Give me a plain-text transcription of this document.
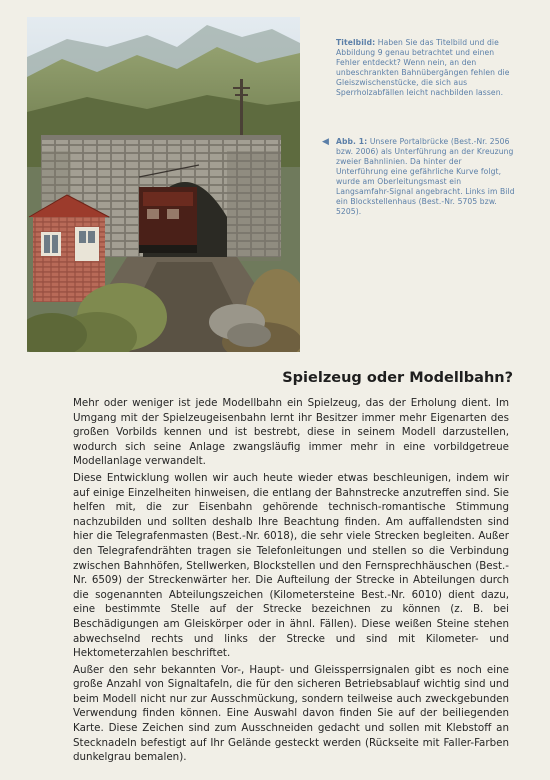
Titelbild: Haben Sie das Titelbild und die Abbildung 9 genau betrachtet und einen Fehler entdeckt? Wenn nein, an den unbeschrankten Bahnübergängen fehlen die Gleiszwischenstücke, die sich aus Sperrholzabfällen leicht nachbilden lassen.
◀ Abb. 1: Unsere Portalbrücke (Best.-Nr. 2506 bzw. 2006) als Unterführung an der Kreuzung zweier Bahnlinien. Da hinter der Unterführung eine gefährliche Kurve folgt, wurde am Oberleitungsmast ein Langsamfahr-Signal angebracht. Links im Bild ein Blockstellenhaus (Best.-Nr. 5705 bzw. 5205).
Spielzeug oder Modellbahn?

Mehr oder weniger ist jede Modellbahn ein Spielzeug, das der Erholung dient. Im Umgang mit der Spielzeugeisenbahn lernt ihr Besitzer immer mehr Eigenarten des großen Vorbilds kennen und ist bestrebt, diese in seinem Modell darzustellen, wodurch sich seine Anlage zwangsläufig immer mehr in eine vorbildgetreue Modellanlage verwandelt.

Diese Entwicklung wollen wir auch heute wieder etwas beschleunigen, indem wir auf einige Einzelheiten hinweisen, die entlang der Bahnstrecke anzutreffen sind. Sie helfen mit, die zur Eisenbahn gehörende technisch-romantische Stimmung nachzubilden und sollten deshalb Ihre Beachtung finden. Am auffallendsten sind hier die Telegrafenmasten (Best.-Nr. 6018), die sehr viele Strecken begleiten. Außer den Telegrafendrähten tragen sie Telefonleitungen und stellen so die Verbindung zwischen Bahnhöfen, Stellwerken, Blockstellen und den Fernsprechhäuschen (Best.-Nr. 6509) der Streckenwärter her. Die Aufteilung der Strecke in Abteilungen durch die sogenannten Abteilungszeichen (Kilometersteine Best.-Nr. 6010) dient dazu, eine bestimmte Stelle auf der Strecke bezeichnen zu können (z. B. bei Beschädigungen am Gleiskörper oder in ähnl. Fällen). Diese weißen Steine stehen abwechselnd rechts und links der Strecke und sind mit Kilometer- und Hektometerzahlen beschriftet.

Außer den sehr bekannten Vor-, Haupt- und Gleissperrsignalen gibt es noch eine große Anzahl von Signaltafeln, die für den sicheren Betriebsablauf wichtig sind und beim Modell nicht nur zur Ausschmückung, sondern teilweise auch zweckgebunden Verwendung finden können. Eine Auswahl davon finden Sie auf der beiliegenden Karte. Diese Zeichen sind zum Ausschneiden gedacht und sollen mit Klebstoff an Stecknadeln befestigt auf Ihr Gelände gesteckt werden (Rückseite mit Faller-Farben dunkelgrau bemalen).
